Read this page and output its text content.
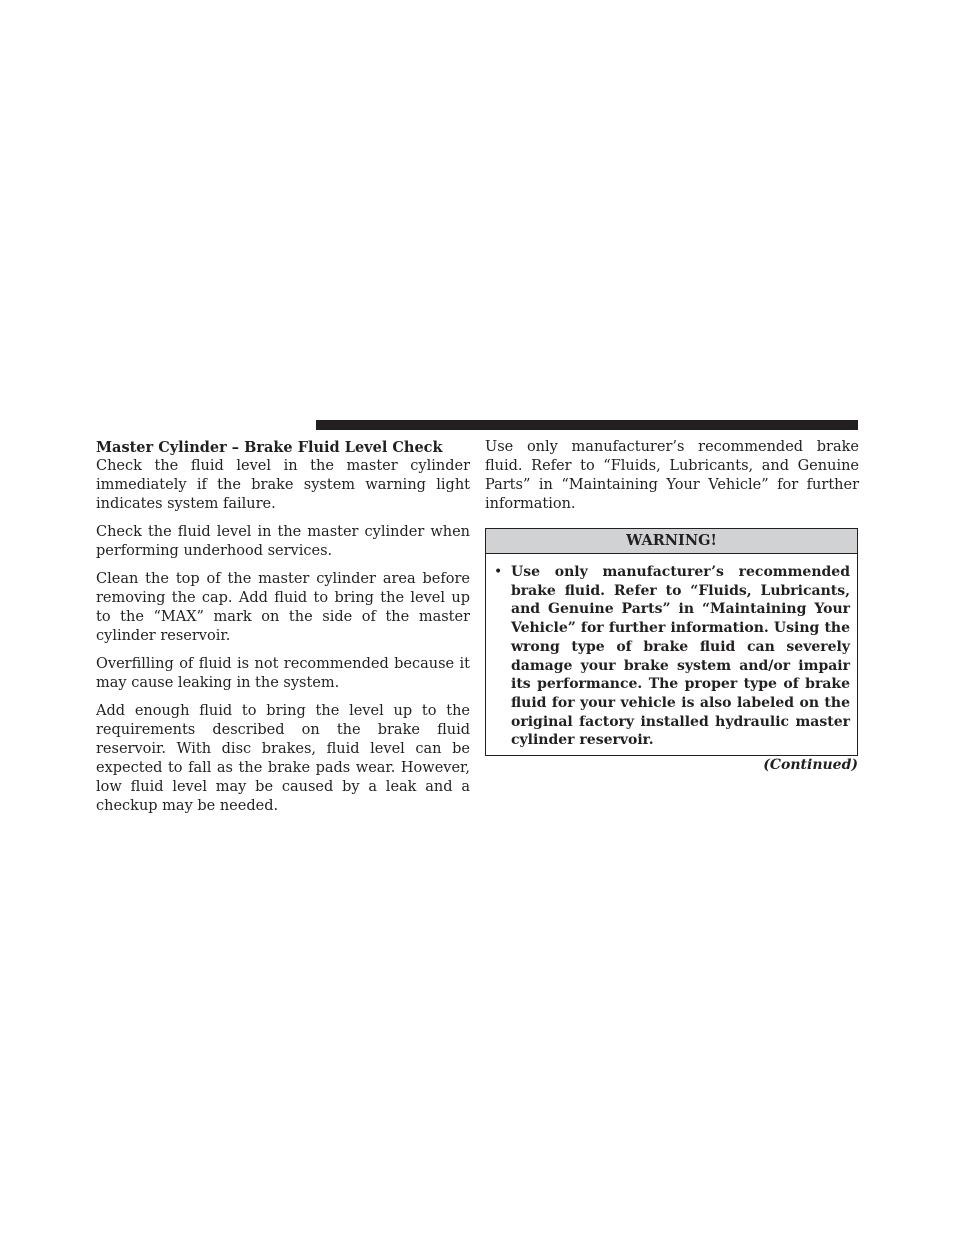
Master Cylinder – Brake Fluid Level Check

Check the fluid level in the master cylinder immediately if the brake system warning light indicates system failure.

Check the fluid level in the master cylinder when performing underhood services.

Clean the top of the master cylinder area before removing the cap. Add fluid to bring the level up to the “MAX” mark on the side of the master cylinder reservoir.

Overfilling of fluid is not recommended because it may cause leaking in the system.

Add enough fluid to bring the level up to the requirements described on the brake fluid reservoir. With disc brakes, fluid level can be expected to fall as the brake pads wear. However, low fluid level may be caused by a leak and a checkup may be needed.

Use only manufacturer’s recommended brake fluid. Refer to “Fluids, Lubricants, and Genuine Parts” in “Maintaining Your Vehicle” for further information.

WARNING!
• Use only manufacturer’s recommended brake fluid. Refer to “Fluids, Lubricants, and Genuine Parts” in “Maintaining Your Vehicle” for further information. Using the wrong type of brake fluid can severely damage your brake system and/or impair its performance. The proper type of brake fluid for your vehicle is also labeled on the original factory installed hydraulic master cylinder reservoir.

(Continued)
